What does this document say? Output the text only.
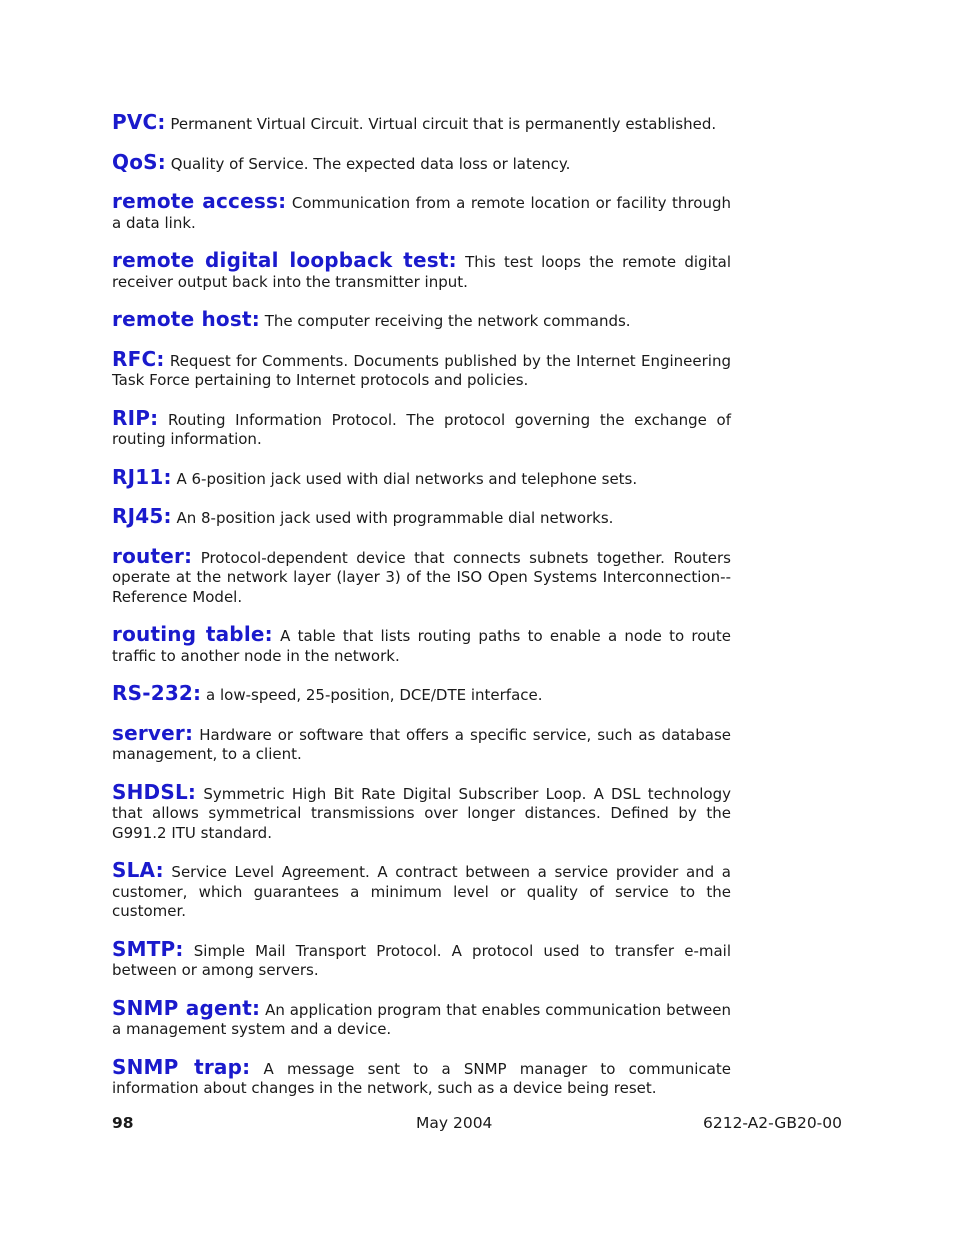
PVC: Permanent Virtual Circuit. Virtual circuit that is permanently established.

QoS: Quality of Service. The expected data loss or latency.

remote access: Communication from a remote location or facility through a data link.

remote digital loopback test: This test loops the remote digital receiver output back into the transmitter input.

remote host: The computer receiving the network commands.

RFC: Request for Comments. Documents published by the Internet Engineering Task Force pertaining to Internet protocols and policies.

RIP: Routing Information Protocol. The protocol governing the exchange of routing information.

RJ11: A 6-position jack used with dial networks and telephone sets.

RJ45: An 8-position jack used with programmable dial networks.

router: Protocol-dependent device that connects subnets together. Routers operate at the network layer (layer 3) of the ISO Open Systems Interconnection--Reference Model.

routing table: A table that lists routing paths to enable a node to route traffic to another node in the network.

RS-232: a low-speed, 25-position, DCE/DTE interface.

server: Hardware or software that offers a specific service, such as database management, to a client.

SHDSL: Symmetric High Bit Rate Digital Subscriber Loop. A DSL technology that allows symmetrical transmissions over longer distances. Defined by the G991.2 ITU standard.

SLA: Service Level Agreement. A contract between a service provider and a customer, which guarantees a minimum level or quality of service to the customer.

SMTP: Simple Mail Transport Protocol. A protocol used to transfer e-mail between or among servers.

SNMP agent: An application program that enables communication between a management system and a device.

SNMP trap: A message sent to a SNMP manager to communicate information about changes in the network, such as a device being reset.

98	May 2004	6212-A2-GB20-00
